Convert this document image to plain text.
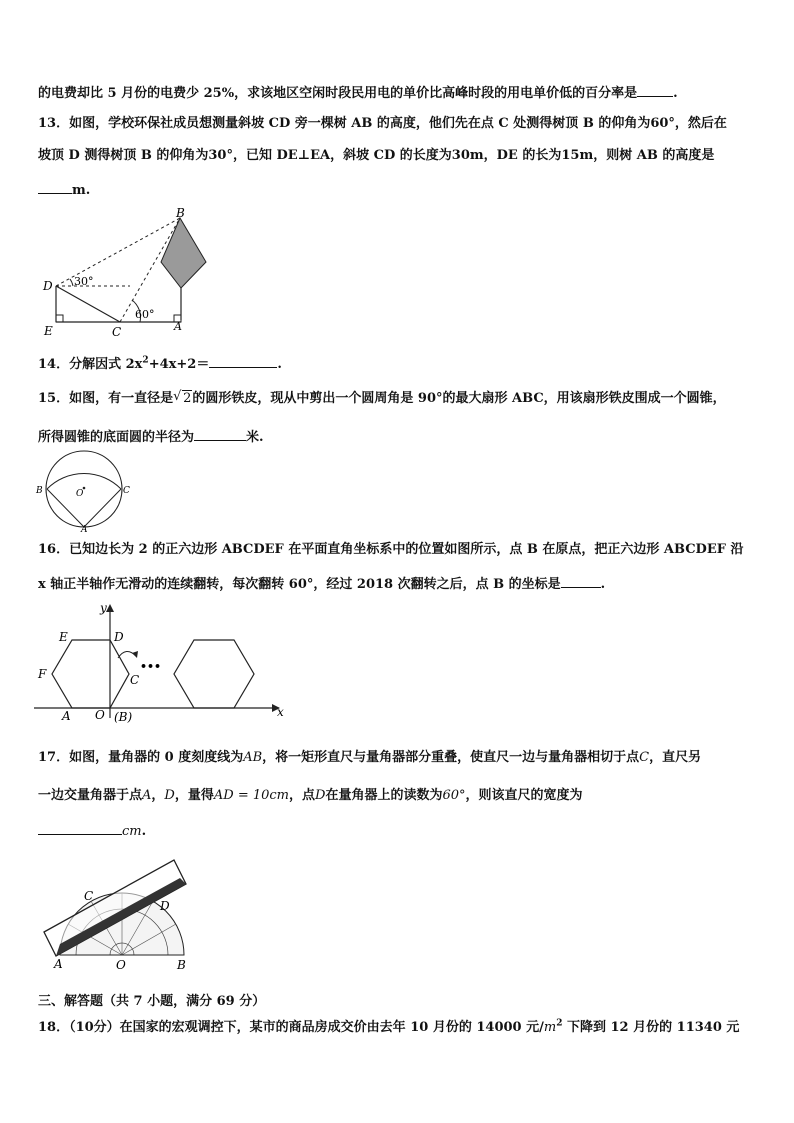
的电费却比 5 月份的电费少 25%，求该地区空闲时段民用电的单价比高峰时段的用电单价低的百分率是	.
13．如图，学校环保社成员想测量斜坡 CD 旁一棵树 AB 的高度，他们先在点 C 处测得树顶 B 的仰角为60°，然后在
坡顶 D 测得树顶 B 的仰角为30°，已知 DE⊥EA，斜坡 CD 的长度为30m，DE 的长为15m，则树 AB 的高度是
m.
B
D
E	C	A
30°
60°
14．分解因式 $2x^2+4x+2=$	.
15．如图，有一直径是 √ 2的圆形铁皮，现从中剪出一个圆周角是 90°的最大扇形 ABC，用该扇形铁皮围成一个圆锥，
所得圆锥的底面圆的半径为	米.
B	C
O
A
16．已知边长为 2 的正六边形 ABCDEF 在平面直角坐标系中的位置如图所示，点 B 在原点，把正六边形 ABCDEF 沿
x 轴正半轴作无滑动的连续翻转，每次翻转 60°，经过 2018 次翻转之后，点 B 的坐标是	.
•••
y
x
E	D
F	C
A O (B)
17．如图，量角器的 0 度刻度线为AB，将一矩形直尺与量角器部分重叠，使直尺一边与量角器相切于点C，直尺另
一边交量角器于点A，D，量得AD = 10cm，点D在量角器上的读数为60°，则该直尺的宽度为
cm.
C
D
A	O	B
三、解答题（共 7 小题，满分 69 分）
18．（10分）在国家的宏观调控下，某市的商品房成交价由去年 10 月份的 14000 元$/m^2$ 下降到 12 月份的 11340 元
